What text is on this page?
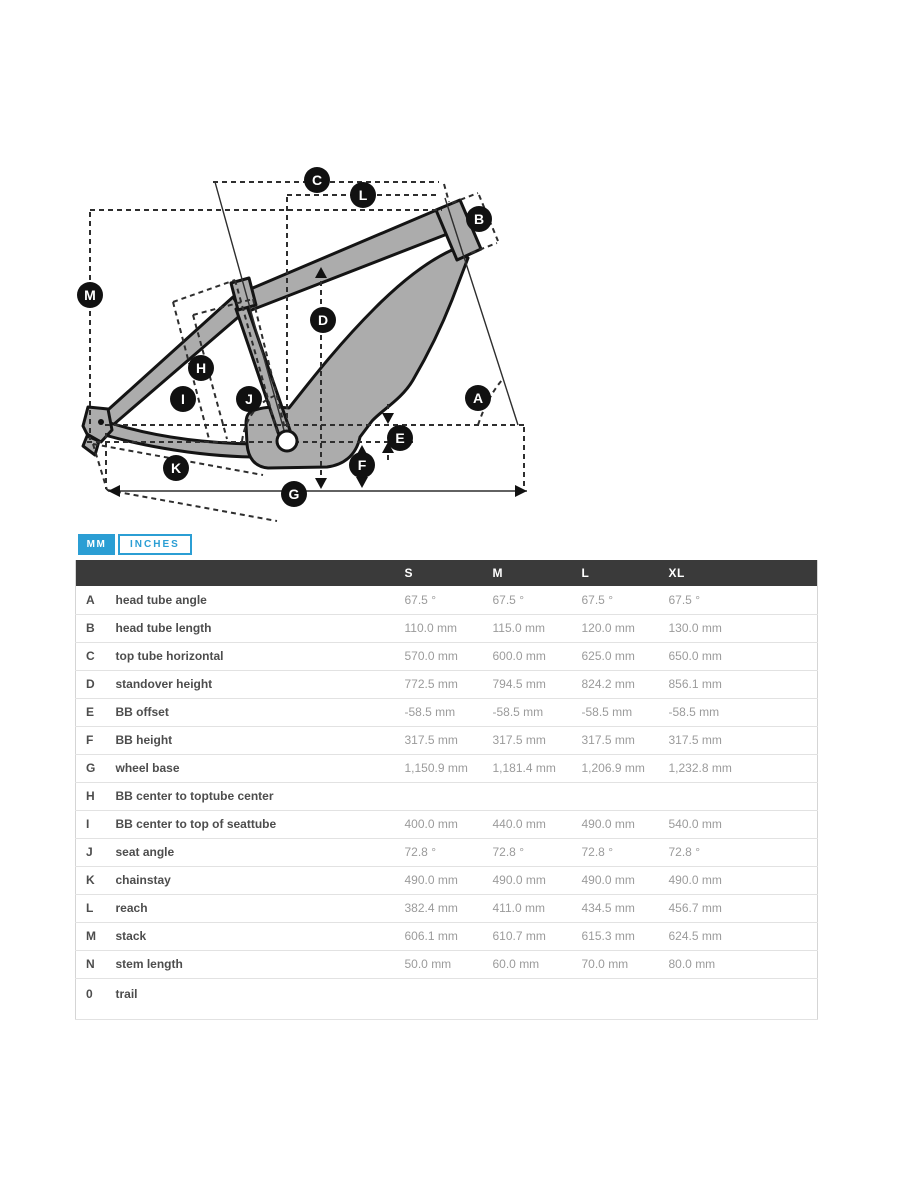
C
L
B
M
D
H
I	J	A
E
F
K
G
MM	INCHES
		S	M	L	XL
A	head tube angle	67.5 °	67.5 °	67.5 °	67.5 °
B	head tube length	110.0 mm	115.0 mm	120.0 mm	130.0 mm
C	top tube horizontal	570.0 mm	600.0 mm	625.0 mm	650.0 mm
D	standover height	772.5 mm	794.5 mm	824.2 mm	856.1 mm
E	BB offset	-58.5 mm	-58.5 mm	-58.5 mm	-58.5 mm
F	BB height	317.5 mm	317.5 mm	317.5 mm	317.5 mm
G	wheel base	1,150.9 mm	1,181.4 mm	1,206.9 mm	1,232.8 mm
H	BB center to toptube center				
I	BB center to top of seattube	400.0 mm	440.0 mm	490.0 mm	540.0 mm
J	seat angle	72.8 °	72.8 °	72.8 °	72.8 °
K	chainstay	490.0 mm	490.0 mm	490.0 mm	490.0 mm
L	reach	382.4 mm	411.0 mm	434.5 mm	456.7 mm
M	stack	606.1 mm	610.7 mm	615.3 mm	624.5 mm
N	stem length	50.0 mm	60.0 mm	70.0 mm	80.0 mm
0	trail				
